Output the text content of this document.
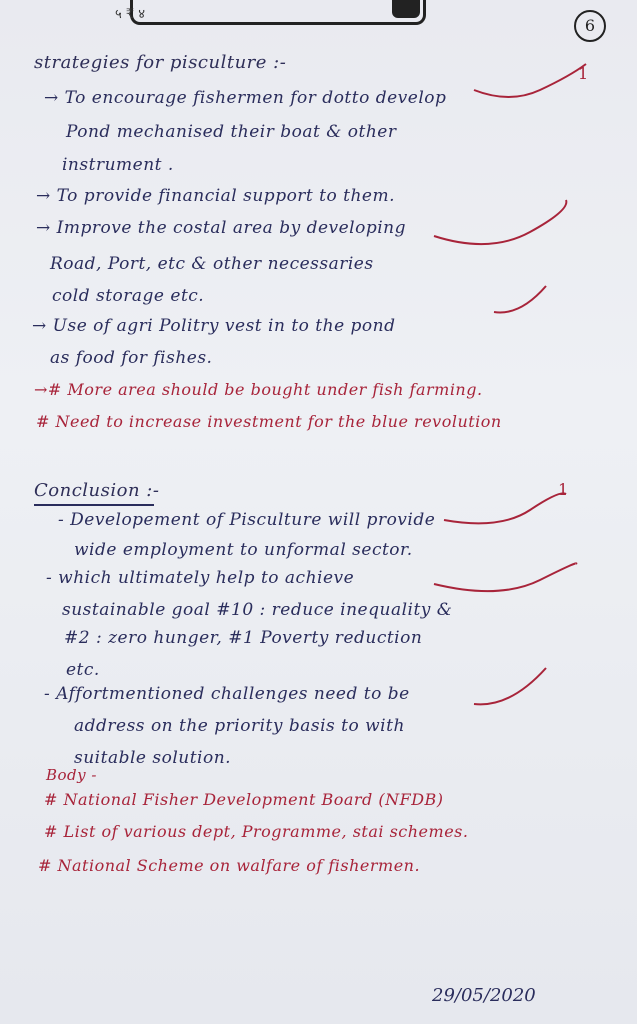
५ ₹ ४
6
strategies for pisculture :-
1
→ To encourage fishermen for dotto develop
Pond mechanised their boat & other
instrument .
→ To provide financial support to them.
→ Improve the costal area by developing
Road, Port, etc & other necessaries
cold storage etc.
→ Use of agri Politry vest in to the pond
as food for fishes.
→# More area should be bought under fish farming.
# Need to increase investment for the blue revolution
Conclusion :-	1
- Developement of Pisculture will provide
wide employment to unformal sector.
- which ultimately help to achieve
sustainable goal #10 : reduce inequality &
#2 : zero hunger, #1 Poverty reduction
etc.
- Affortmentioned challenges need to be
address on the priority basis to with
suitable solution.
Body -
# National Fisher Development Board (NFDB)
# List of various dept, Programme, stai schemes.
# National Scheme on walfare of fishermen.
29/05/2020
